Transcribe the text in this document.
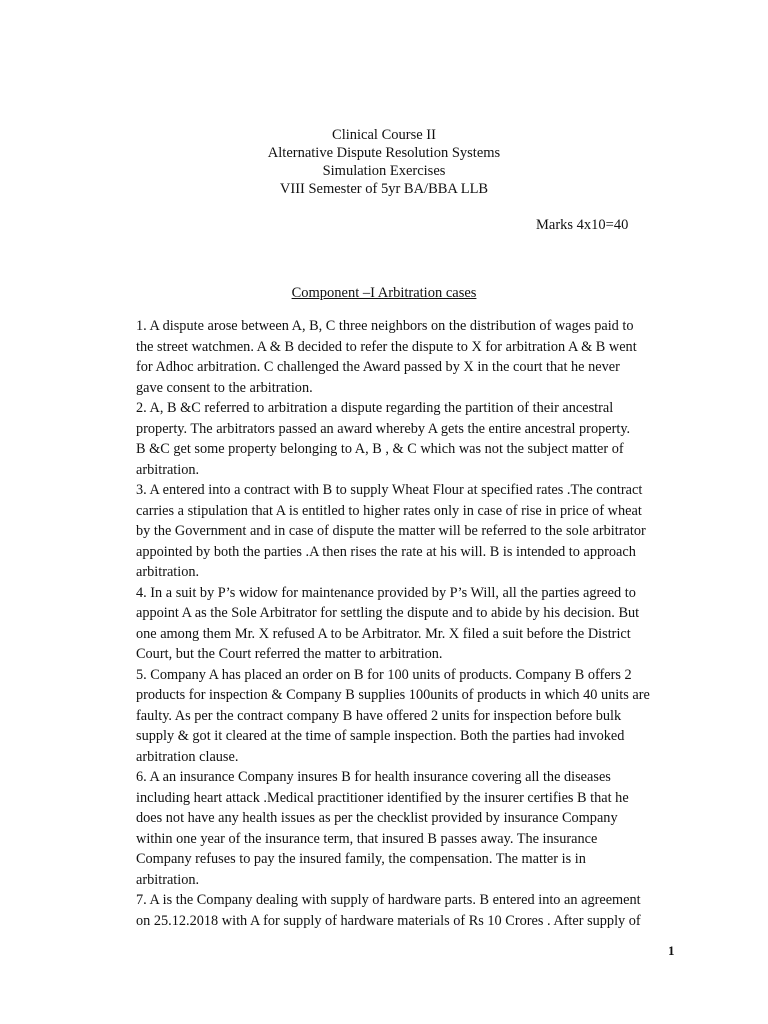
Clinical Course II
Alternative Dispute Resolution Systems
Simulation Exercises
VIII Semester of 5yr BA/BBA LLB
Marks 4x10=40
Component –I Arbitration cases
1. A dispute arose between A, B, C three neighbors on the distribution of wages paid to
the street watchmen. A & B decided to refer the dispute to X for arbitration A & B went
for Adhoc arbitration. C challenged the Award passed by X in the court that he never
gave consent to the arbitration.
2. A, B &C referred to arbitration a dispute regarding the partition of their ancestral
property. The arbitrators passed an award whereby A gets the entire ancestral property.
B &C get some property belonging to A, B , & C which was not the subject matter of
arbitration.
3. A entered into a contract with B to supply Wheat Flour at specified rates .The contract
carries a stipulation that A is entitled to higher rates only in case of rise in price of wheat
by the Government and in case of dispute the matter will be referred to the sole arbitrator
appointed by both the parties .A then rises the rate at his will. B is intended to approach
arbitration.
4. In a suit by P’s widow for maintenance provided by P’s Will, all the parties agreed to
appoint A as the Sole Arbitrator for settling the dispute and to abide by his decision. But
one among them Mr. X refused A to be Arbitrator. Mr. X filed a suit before the District
Court, but the Court referred the matter to arbitration.
5. Company A has placed an order on B for 100 units of products. Company B offers 2
products for inspection & Company B supplies 100units of products in which 40 units are
faulty. As per the contract company B have offered 2 units for inspection before bulk
supply & got it cleared at the time of sample inspection. Both the parties had invoked
arbitration clause.
6. A an insurance Company insures B for health insurance covering all the diseases
including heart attack .Medical practitioner identified by the insurer certifies B that he
does not have any health issues as per the checklist provided by insurance Company
within one year of the insurance term, that insured B passes away. The insurance
Company refuses to pay the insured family, the compensation. The matter is in
arbitration.
7. A is the Company dealing with supply of hardware parts. B entered into an agreement
on 25.12.2018 with A for supply of hardware materials of Rs 10 Crores . After supply of
1
